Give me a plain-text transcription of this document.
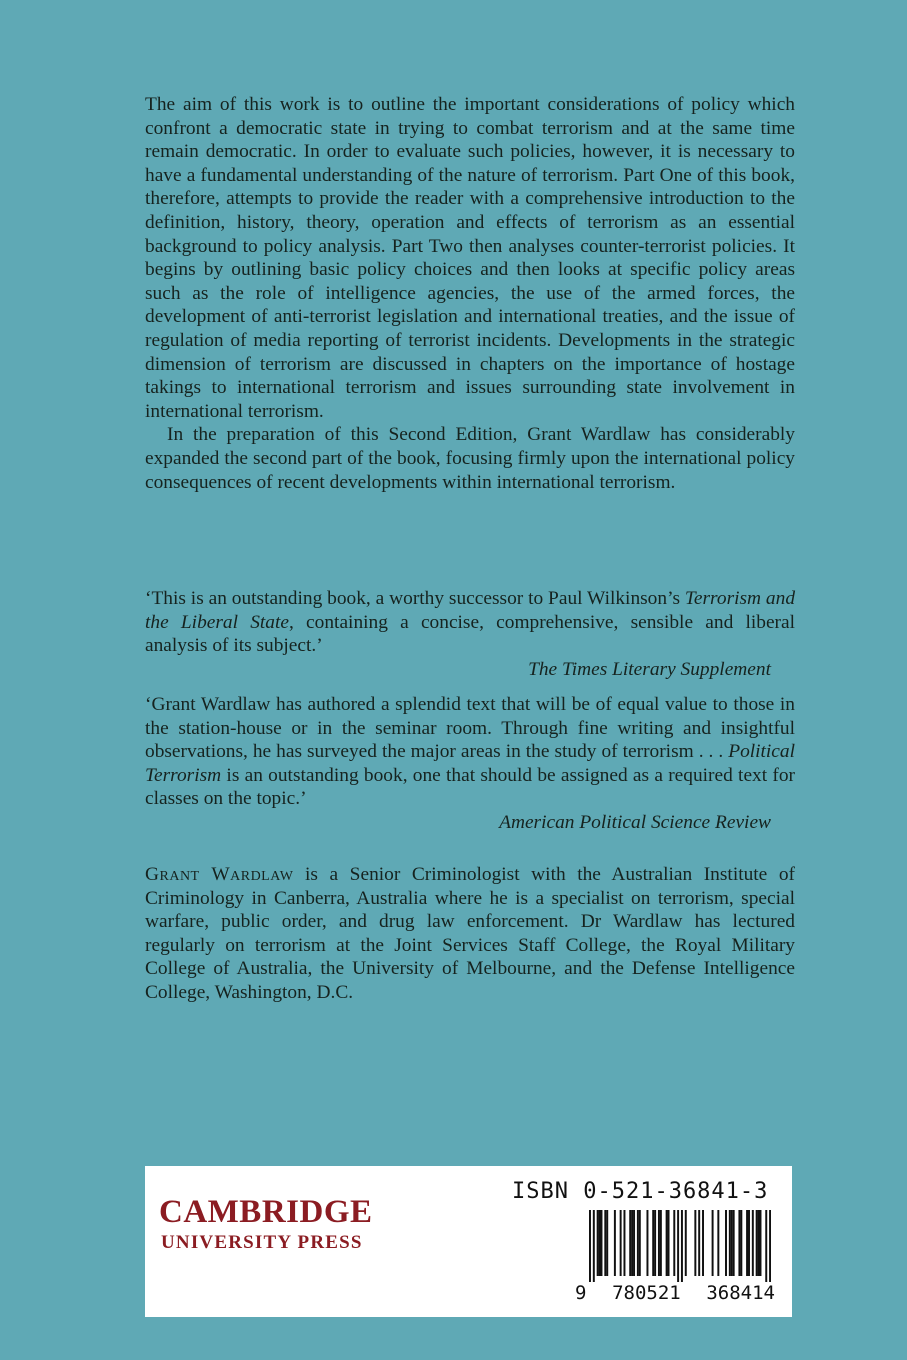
The aim of this work is to outline the important considerations of policy which confront a democratic state in trying to combat terrorism and at the same time remain democratic. In order to evaluate such policies, however, it is necessary to have a fundamental understanding of the nature of terrorism. Part One of this book, therefore, attempts to provide the reader with a comprehensive introduction to the definition, history, theory, operation and effects of terrorism as an essential background to policy analysis. Part Two then analyses counter-terrorist policies. It begins by outlining basic policy choices and then looks at specific policy areas such as the role of intelligence agencies, the use of the armed forces, the development of anti-terrorist legislation and international treaties, and the issue of regulation of media reporting of terrorist incidents. Developments in the strategic dimension of terrorism are discussed in chapters on the importance of hostage takings to international terrorism and issues surrounding state involvement in international terrorism.

In the preparation of this Second Edition, Grant Wardlaw has considerably expanded the second part of the book, focusing firmly upon the international policy consequences of recent developments within international terrorism.

‘This is an outstanding book, a worthy successor to Paul Wilkinson’s Terrorism and the Liberal State, containing a concise, comprehensive, sensible and liberal analysis of its subject.’

The Times Literary Supplement

‘Grant Wardlaw has authored a splendid text that will be of equal value to those in the station-house or in the seminar room. Through fine writing and insightful observations, he has surveyed the major areas in the study of terrorism . . . Political Terrorism is an outstanding book, one that should be assigned as a required text for classes on the topic.’

American Political Science Review

Grant Wardlaw is a Senior Criminologist with the Australian Institute of Criminology in Canberra, Australia where he is a specialist on terrorism, special warfare, public order, and drug law enforcement. Dr Wardlaw has lectured regularly on terrorism at the Joint Services Staff College, the Royal Military College of Australia, the University of Melbourne, and the Defense Intelligence College, Washington, D.C.

CAMBRIDGE
UNIVERSITY PRESS
ISBN 0-521-36841-3
9 780521 368414
